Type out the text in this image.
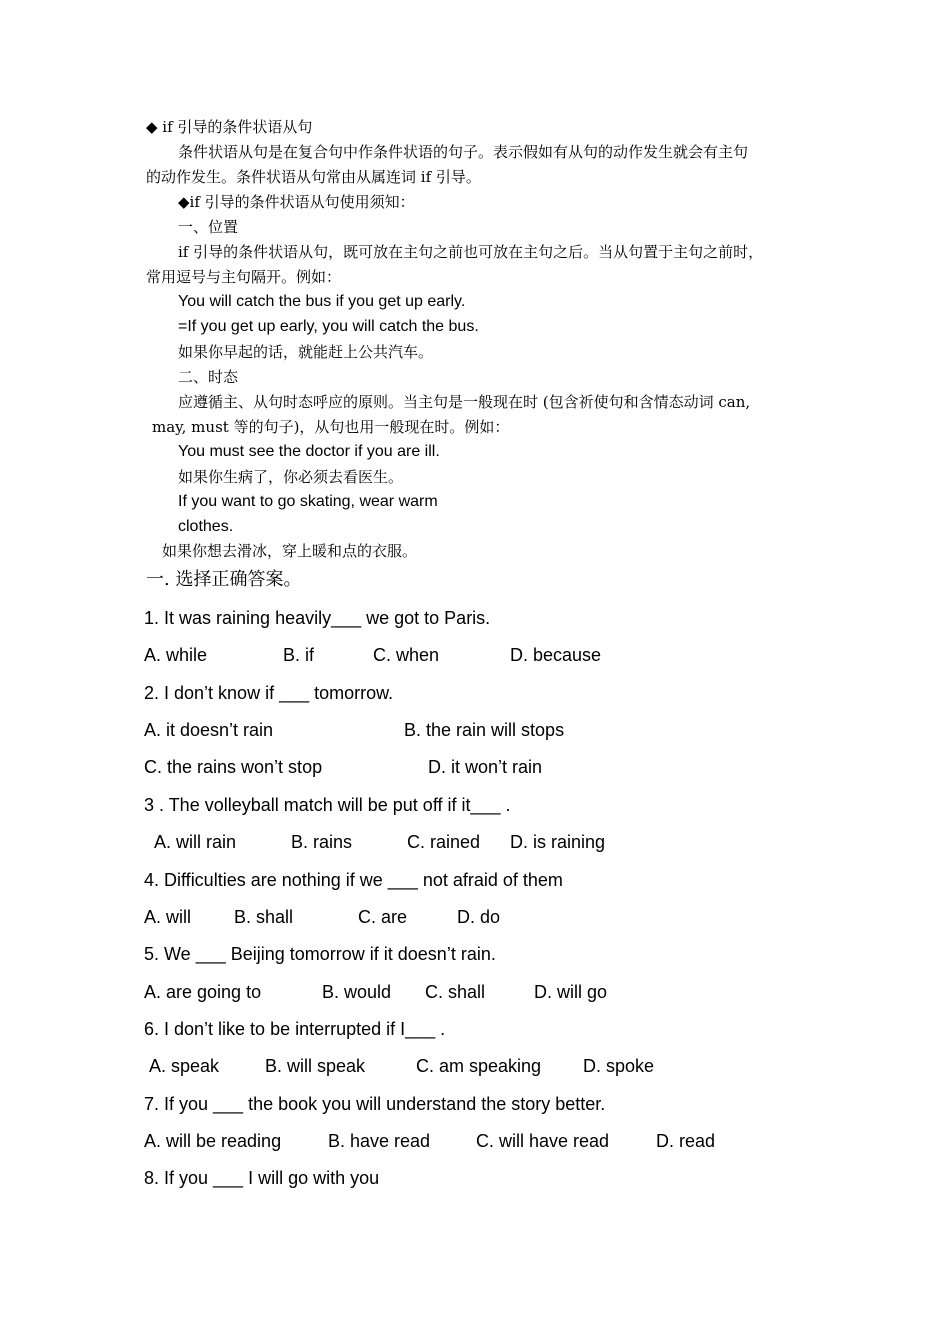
◆ if 引导的条件状语从句
条件状语从句是在复合句中作条件状语的句子。表示假如有从句的动作发生就会有主句
的动作发生。条件状语从句常由从属连词 if 引导。
◆if 引导的条件状语从句使用须知：
一、位置
if 引导的条件状语从句，既可放在主句之前也可放在主句之后。当从句置于主句之前时，
常用逗号与主句隔开。例如：
You will catch the bus if you get up early.
=If you get up early, you will catch the bus.
如果你早起的话，就能赶上公共汽车。
二、时态
应遵循主、从句时态呼应的原则。当主句是一般现在时 (包含祈使句和含情态动词 can,
may, must 等的句子)，从句也用一般现在时。例如：
You must see the doctor if you are ill.
如果你生病了，你必须去看医生。
If you want to go skating, wear warm
clothes.
如果你想去滑冰，穿上暖和点的衣服。
一. 选择正确答案。
1. It was raining heavily___ we got to Paris.
A. while	B. if	C. when	D. because
2. I don’t know if ___ tomorrow.
A. it doesn’t rain	B. the rain will stops
C. the rains won’t stop	D. it won’t rain
3 . The volleyball match will be put off if it___ .
A. will rain	B. rains	C. rained D. is raining
4. Difficulties are nothing if we ___ not afraid of them
A. will B. shall	C. are	D. do
5. We ___ Beijing tomorrow if it doesn’t rain.
A. are going to	B. would C. shall	D. will go
6. I don’t like to be interrupted if I___ .
A. speak	B. will speak	C. am speaking D. spoke
7. If you ___ the book you will understand the story better.
A. will be reading	B. have read	C. will have read	D. read
8. If you ___ I will go with you
